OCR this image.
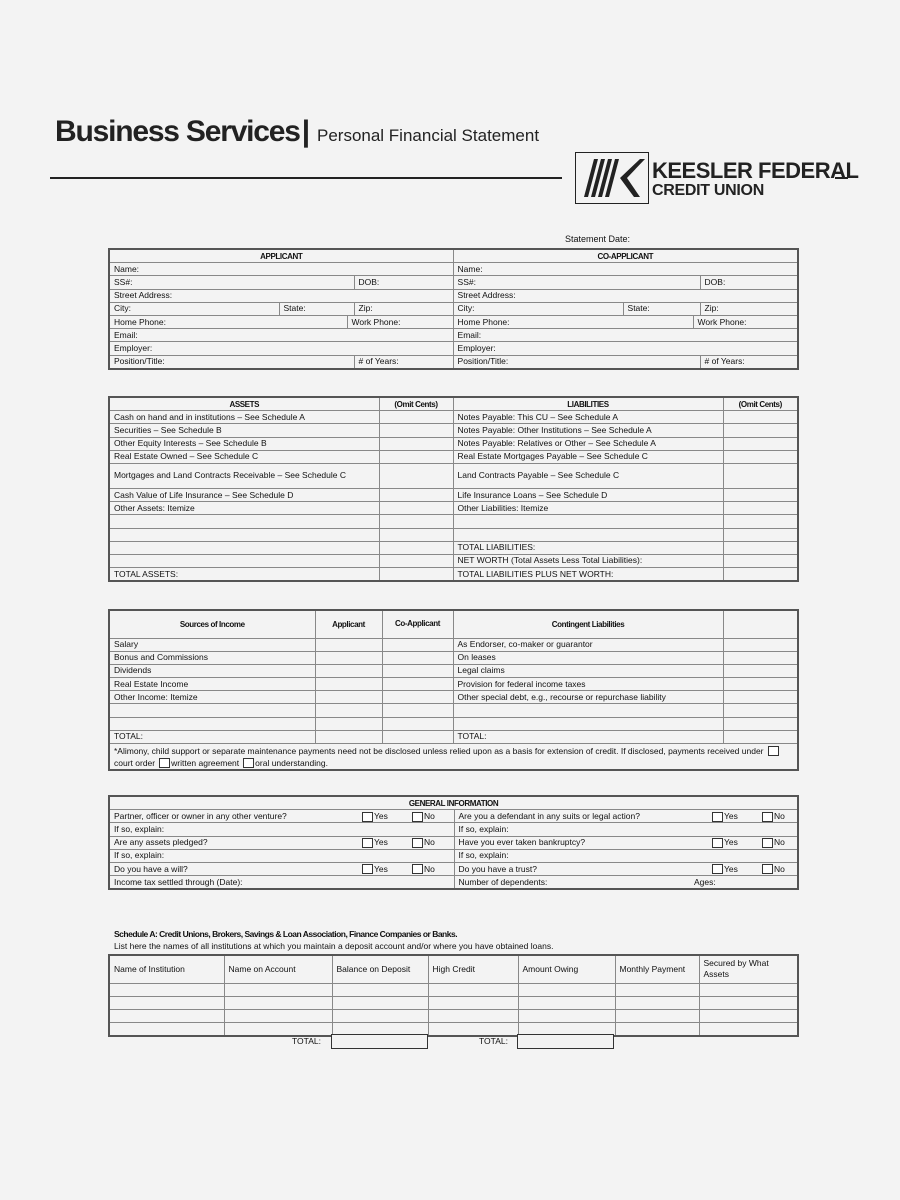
Business Services| Personal Financial Statement
KEESLER FEDERAL
CREDIT UNION
Statement Date:
APPLICANT				CO-APPLICANT			
Name:				Name:			
SS#:			DOB:	SS#:			DOB:
Street Address:				Street Address:			
City:	State:		Zip:	City:	State:		Zip:
Home Phone:		Work Phone:		Home Phone:		Work Phone:	
Email:				Email:			
Employer:				Employer:			
Position/Title:			# of Years:	Position/Title:			# of Years:
ASSETS	(Omit Cents)	LIABILITIES	(Omit Cents)
Cash on hand and in institutions – See Schedule A		Notes Payable: This CU – See Schedule A	
Securities – See Schedule B		Notes Payable: Other Institutions – See Schedule A	
Other Equity Interests – See Schedule B		Notes Payable: Relatives or Other – See Schedule A	
Real Estate Owned – See Schedule C		Real Estate Mortgages Payable – See Schedule C	
Mortgages and Land Contracts Receivable – See Schedule C		Land Contracts Payable – See Schedule C	
Cash Value of Life Insurance – See Schedule D		Life Insurance Loans – See Schedule D	
Other Assets: Itemize		Other Liabilities: Itemize	

		TOTAL LIABILITIES:	
		NET WORTH (Total Assets Less Total Liabilities):	
TOTAL ASSETS:		TOTAL LIABILITIES PLUS NET WORTH:	
Sources of Income	Applicant	Co-Applicant	Contingent Liabilities	
Salary			As Endorser, co-maker or guarantor	
Bonus and Commissions			On leases	
Dividends			Legal claims	
Real Estate Income			Provision for federal income taxes	
Other Income: Itemize			Other special debt, e.g., recourse or repurchase liability	

TOTAL:			TOTAL:	
*Alimony, child support or separate maintenance payments need not be disclosed unless relied upon as a basis for extension of credit. If disclosed, payments received undercourt order written agreement oral understanding.				
GENERAL INFORMATION					
Partner, officer or owner in any other venture?	Yes	No	Are you a defendant in any suits or legal action?	Yes	No
If so, explain:			If so, explain:		
Are any assets pledged?	Yes	No	Have you ever taken bankruptcy?	Yes	No
If so, explain:			If so, explain:		
Do you have a will?	Yes	No	Do you have a trust?	Yes	No
Income tax settled through (Date):			Number of dependents:		Ages:
Schedule A: Credit Unions, Brokers, Savings & Loan Association, Finance Companies or Banks.
List here the names of all institutions at which you maintain a deposit account and/or where you have obtained loans.
Name of Institution	Name on Account	Balance on Deposit	High Credit	Amount Owing	Monthly Payment	Secured by What Assets

TOTAL:	TOTAL:
